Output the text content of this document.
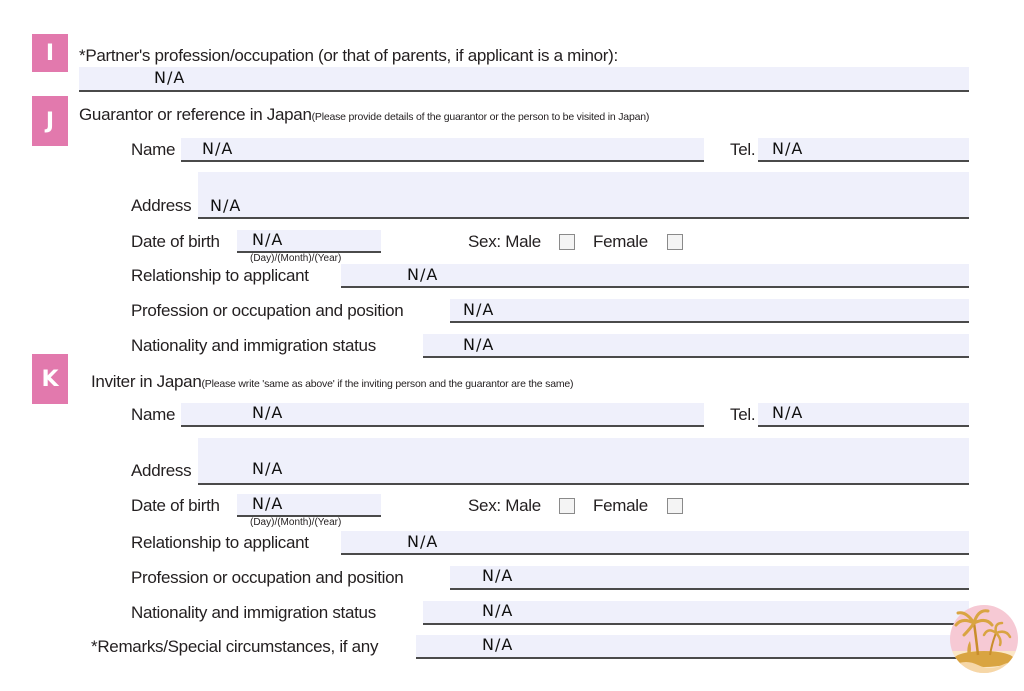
I	*Partner's profession/occupation (or that of parents, if applicant is a minor):
N/A
J	Guarantor or reference in Japan(Please provide details of the guarantor or the person to be visited in Japan)
Name N/A	Tel. N/A
Address N/A
Date of birth N/A
(Day)/(Month)/(Year)
Sex: Male	Female
Relationship to applicant	N/A
Profession or occupation and position	N/A
Nationality and immigration status	N/A
K	Inviter in Japan(Please write 'same as above' if the inviting person and the guarantor are the same)
Name	N/A	Tel. N/A
Address	N/A
Date of birth N/A
(Day)/(Month)/(Year)
Sex: Male	Female
Relationship to applicant	N/A
Profession or occupation and position	N/A
Nationality and immigration status	N/A
*Remarks/Special circumstances, if any	N/A
